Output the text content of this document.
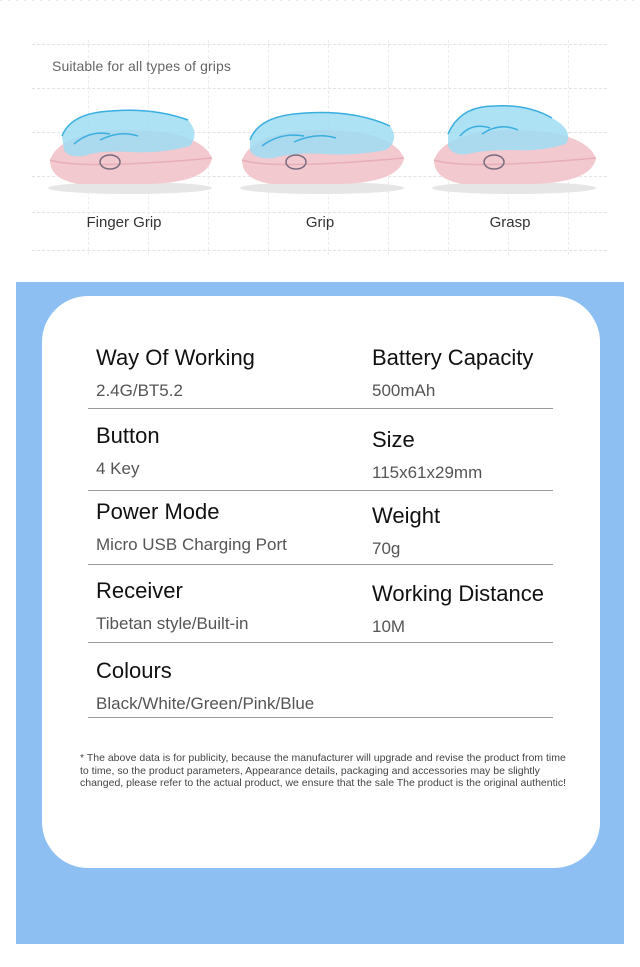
Suitable for all types of grips
Finger Grip	Grip	Grasp
Way Of Working
2.4G/BT5.2
Battery Capacity
500mAh
Button
4 Key
Size
115x61x29mm
Power Mode
Micro USB Charging Port
Weight
70g
Receiver
Tibetan style/Built-in
Working Distance
10M
Colours
Black/White/Green/Pink/Blue
* The above data is for publicity, because the manufacturer will upgrade and revise the product from time to time, so the product parameters, Appearance details, packaging and accessories may be slightly changed, please refer to the actual product, we ensure that the sale The product is the original authentic!
